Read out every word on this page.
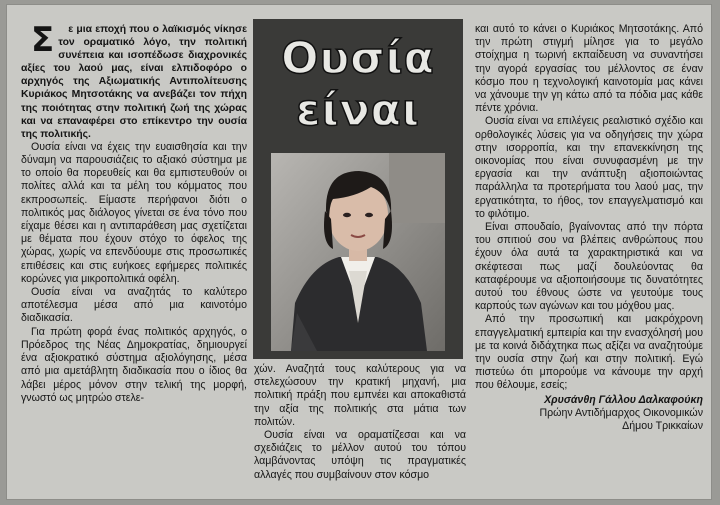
Σ ε μια εποχή που ο λαϊκισμός νίκησε τον οραματικό λόγο, την πολιτική συνέπεια και ισοπέδωσε διαχρονικές αξίες του λαού μας, είναι ελπιδοφόρο ο αρχηγός της Αξιωματικής Αντιπολίτευσης Κυριάκος Μητσοτάκης να ανεβάζει τον πήχη της ποιότητας στην πολιτική ζωή της χώρας και να επαναφέρει στο επίκεντρο την ουσία της πολιτικής.

Ουσία είναι να έχεις την ευαισθησία και την δύναμη να παρουσιάζεις το αξιακό σύστημα με το οποίο θα πορευθείς και θα εμπιστευθούν οι πολίτες αλλά και τα μέλη του κόμματος που εκπροσωπείς. Είμαστε περήφανοι διότι ο πολιτικός μας διάλογος γίνεται σε ένα τόνο που είχαμε θέσει και η αντιπαράθεση μας σχετίζεται με θέματα που έχουν στόχο το όφελος της χώρας, χωρίς να επενδύουμε στις προσωπικές επιθέσεις και στις ευήκοες εφήμερες πολιτικές κορώνες για μικροπολιτικά οφέλη.

Ουσία είναι να αναζητάς το καλύτερο αποτέλεσμα μέσα από μια καινοτόμο διαδικασία.

Για πρώτη φορά ένας πολιτικός αρχηγός, ο Πρόεδρος της Νέας Δημοκρατίας, δημιουργεί ένα αξιοκρατικό σύστημα αξιολόγησης, μέσα από μια αμετάβλητη διαδικασία που ο ίδιος θα λάβει μέρος μόνον στην τελική της μορφή, γνωστό ως μητρώο στελε-

Ουσία
είναι

χών. Αναζητά τους καλύτερους για να στελεχώσουν την κρατική μηχανή, μια πολιτική πράξη που εμπνέει και αποκαθιστά την αξία της πολιτικής στα μάτια των πολιτών.

Ουσία είναι να οραματίζεσαι και να σχεδιάζεις το μέλλον αυτού του τόπου λαμβάνοντας υπόψη τις πραγματικές αλλαγές που συμβαίνουν στον κόσμο

και αυτό το κάνει ο Κυριάκος Μητσοτάκης. Από την πρώτη στιγμή μίλησε για το μεγάλο στοίχημα η τωρινή εκπαίδευση να συναντήσει την αγορά εργασίας του μέλλοντος σε έναν κόσμο που η τεχνολογική καινοτομία μας κάνει να χάνουμε την γη κάτω από τα πόδια μας κάθε πέντε χρόνια.

Ουσία είναι να επιλέγεις ρεαλιστικό σχέδιο και ορθολογικές λύσεις για να οδηγήσεις την χώρα στην ισορροπία, και την επανεκκίνηση της οικονομίας που είναι συνυφασμένη με την εργασία και την ανάπτυξη αξιοποιώντας παράλληλα τα προτερήματα του λαού μας, την εργατικότητα, το ήθος, τον επαγγελματισμό και το φιλότιμο.

Είναι σπουδαίο, βγαίνοντας από την πόρτα του σπιτιού σου να βλέπεις ανθρώπους που έχουν όλα αυτά τα χαρακτηριστικά και να σκέφτεσαι πως μαζί δουλεύοντας θα καταφέρουμε να αξιοποιήσουμε τις δυνατότητες αυτού του έθνους ώστε να γευτούμε τους καρπούς των αγώνων και του μόχθου μας.

Από την προσωπική και μακρόχρονη επαγγελματική εμπειρία και την ενασχόλησή μου με τα κοινά διδάχτηκα πως αξίζει να αναζητούμε την ουσία στην ζωή και στην πολιτική. Εγώ πιστεύω ότι μπορούμε να κάνουμε την αρχή που θέλουμε, εσείς;

Χρυσάνθη Γάλλου Δαλκαφούκη
Πρώην Αντιδήμαρχος Οικονομικών
Δήμου Τρικκαίων
